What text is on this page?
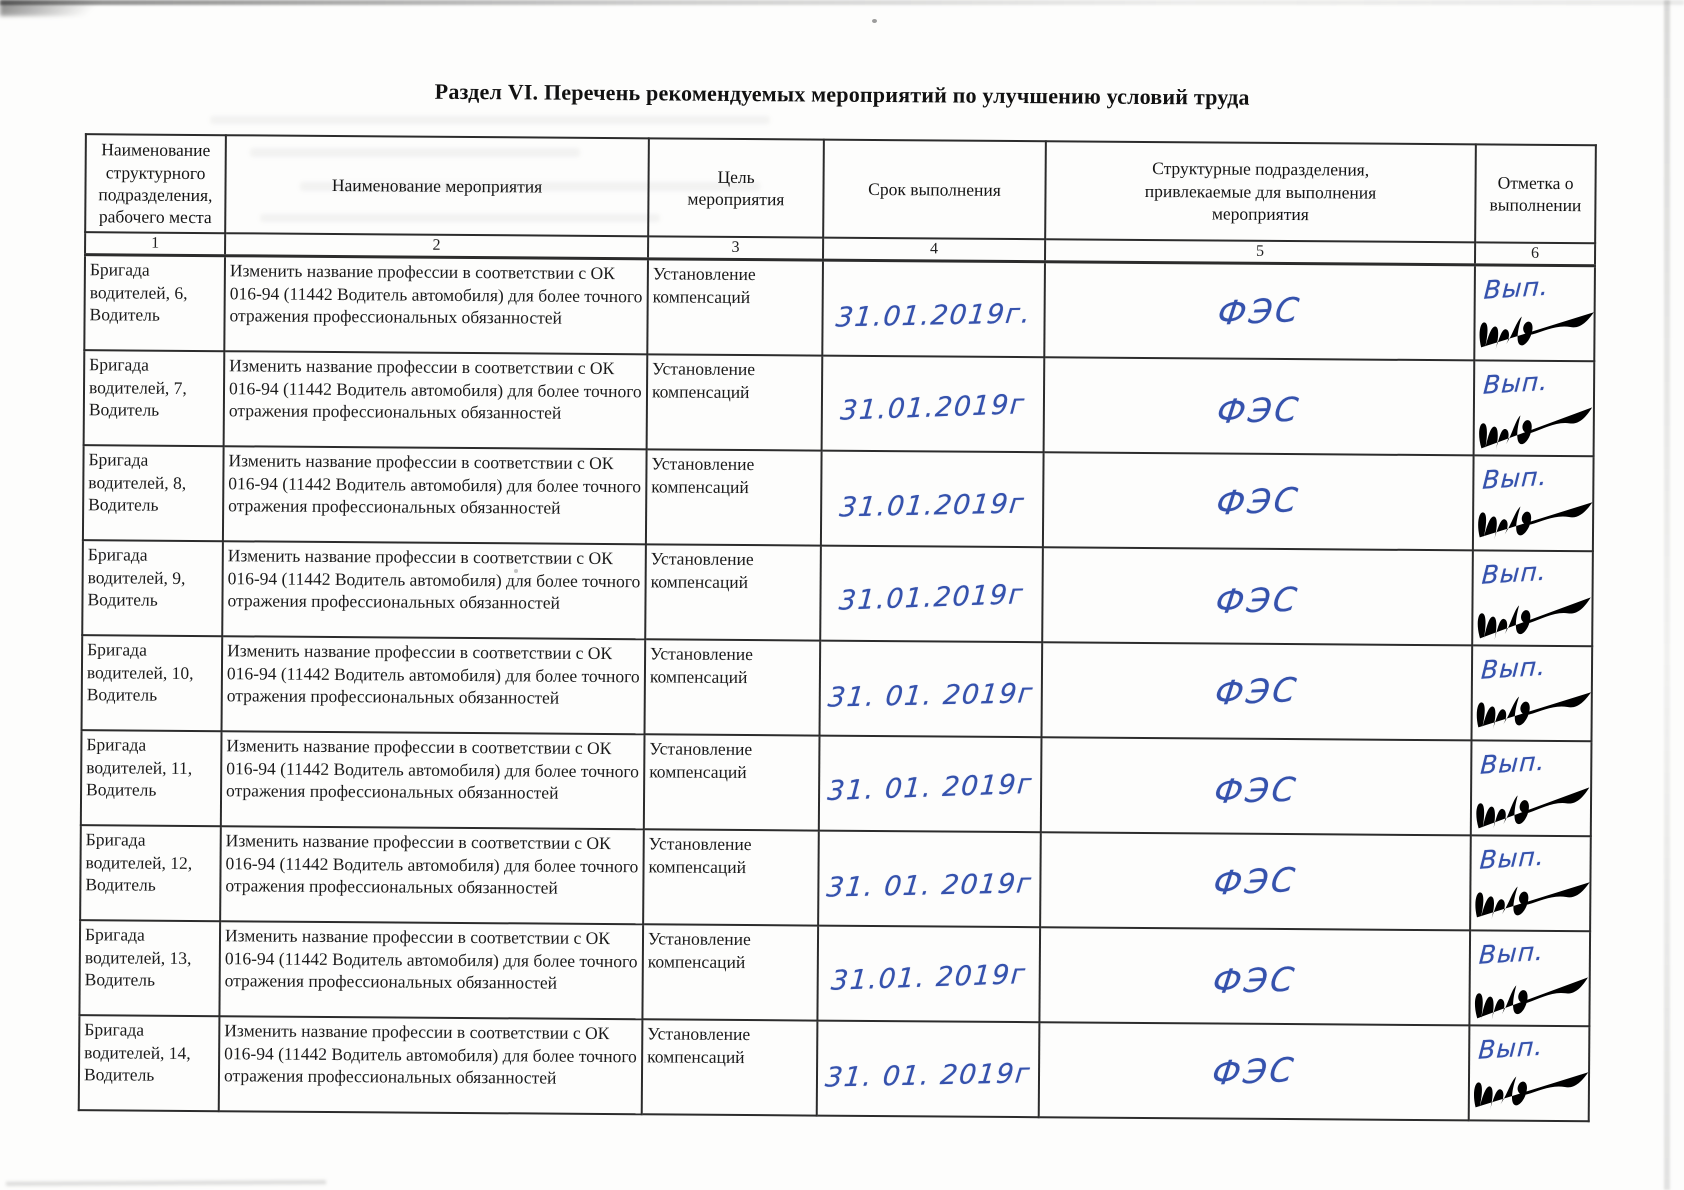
Раздел VI. Перечень рекомендуемых мероприятий по улучшению условий труда
Наименование
структурного
подразделения,
рабочего места	Наименование мероприятия	Цель
мероприятия	Срок выполнения	Структурные подразделения,
привлекаемые для выполнения
мероприятия	Отметка о
выполнении
1	2	3	4	5	6
Бригада
водителей, 6,
Водитель	Изменить название профессии в соответствии с ОК 016-94 (11442 Водитель автомобиля) для более точного отражения профессиональных обязанностей	Установление
компенсаций	31.01.2019г.	ФЭС	Вып.

Бригада
водителей, 7,
Водитель	Изменить название профессии в соответствии с ОК 016-94 (11442 Водитель автомобиля) для более точного отражения профессиональных обязанностей	Установление
компенсаций	31.01.2019г	ФЭС	Вып.

Бригада
водителей, 8,
Водитель	Изменить название профессии в соответствии с ОК 016-94 (11442 Водитель автомобиля) для более точного отражения профессиональных обязанностей	Установление
компенсаций	31.01.2019г	ФЭС	Вып.

Бригада
водителей, 9,
Водитель	Изменить название профессии в соответствии с ОК 016-94 (11442 Водитель автомобиля) для более точного отражения профессиональных обязанностей	Установление
компенсаций	31.01.2019г	ФЭС	Вып.

Бригада
водителей, 10,
Водитель	Изменить название профессии в соответствии с ОК 016-94 (11442 Водитель автомобиля) для более точного отражения профессиональных обязанностей	Установление
компенсаций	31. 01. 2019г	ФЭС	Вып.

Бригада
водителей, 11,
Водитель	Изменить название профессии в соответствии с ОК 016-94 (11442 Водитель автомобиля) для более точного отражения профессиональных обязанностей	Установление
компенсаций	31. 01. 2019г	ФЭС	Вып.

Бригада
водителей, 12,
Водитель	Изменить название профессии в соответствии с ОК 016-94 (11442 Водитель автомобиля) для более точного отражения профессиональных обязанностей	Установление
компенсаций	31. 01. 2019г	ФЭС	Вып.

Бригада
водителей, 13,
Водитель	Изменить название профессии в соответствии с ОК 016-94 (11442 Водитель автомобиля) для более точного отражения профессиональных обязанностей	Установление
компенсаций	31.01. 2019г	ФЭС	Вып.

Бригада
водителей, 14,
Водитель	Изменить название профессии в соответствии с ОК 016-94 (11442 Водитель автомобиля) для более точного отражения профессиональных обязанностей	Установление
компенсаций	31. 01. 2019г	ФЭС	Вып.
